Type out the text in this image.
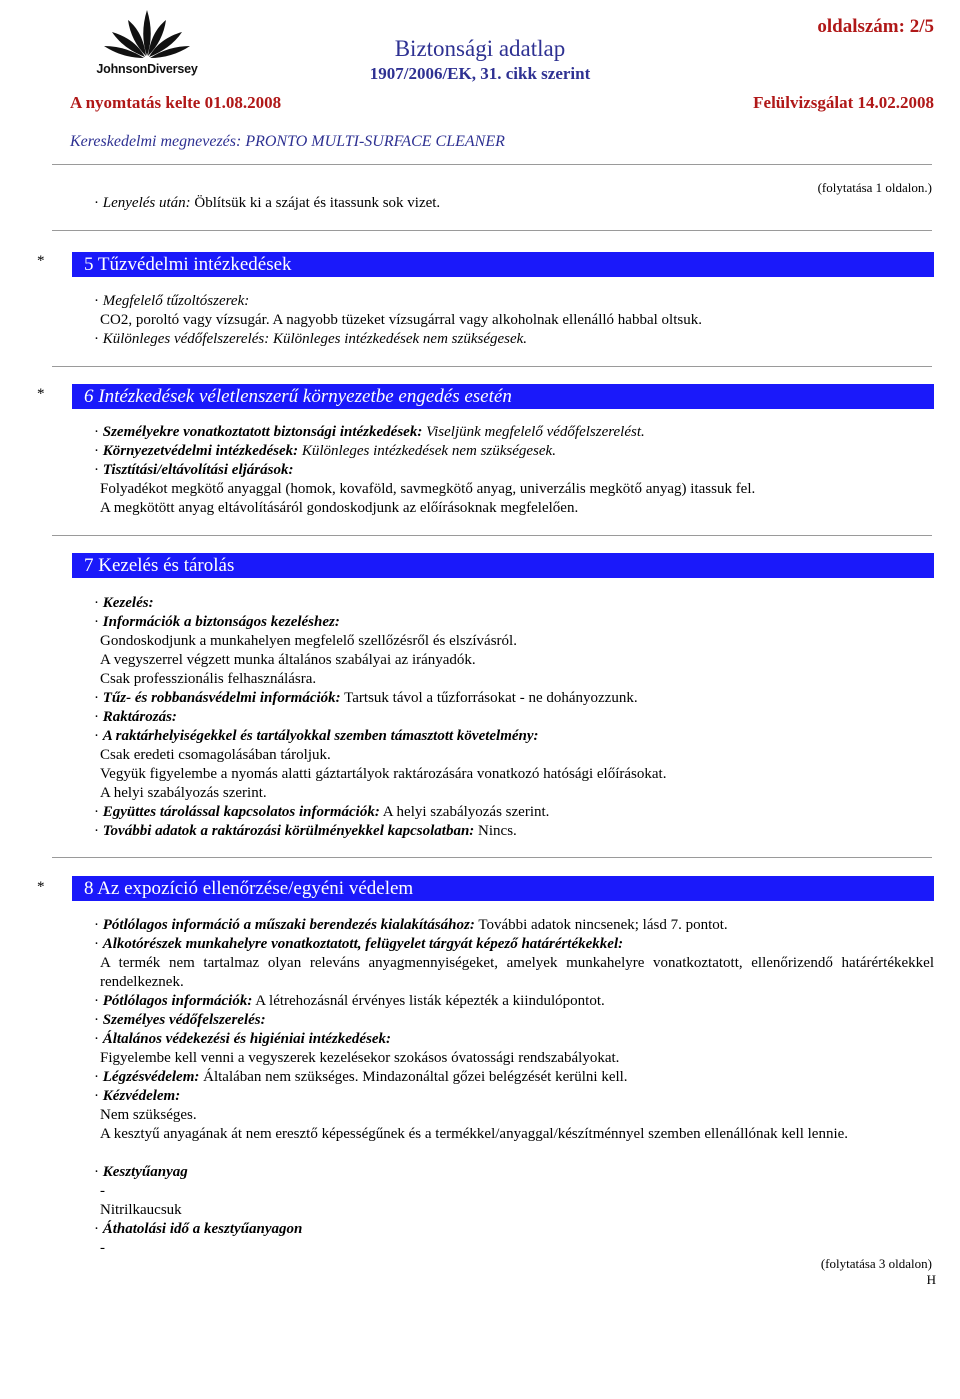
JohnsonDiversey
Biztonsági adatlap
1907/2006/EK, 31. cikk szerint
oldalszám: 2/5
A nyomtatás kelte 01.08.2008	Felülvizsgálat 14.02.2008
Kereskedelmi megnevezés: PRONTO MULTI-SURFACE CLEANER
(folytatása 1 oldalon.)
· Lenyelés után: Öblítsük ki a szájat és itassunk sok vizet.
*	5 Tűzvédelmi intézkedések
· Megfelelő tűzoltószerek:
CO2, poroltó vagy vízsugár. A nagyobb tüzeket vízsugárral vagy alkoholnak ellenálló habbal oltsuk.
· Különleges védőfelszerelés: Különleges intézkedések nem szükségesek.
*	6 Intézkedések véletlenszerű környezetbe engedés esetén
· Személyekre vonatkoztatott biztonsági intézkedések: Viseljünk megfelelő védőfelszerelést.
· Környezetvédelmi intézkedések: Különleges intézkedések nem szükségesek.
· Tisztítási/eltávolítási eljárások:
Folyadékot megkötő anyaggal (homok, kovaföld, savmegkötő anyag, univerzális megkötő anyag) itassuk fel.
A megkötött anyag eltávolításáról gondoskodjunk az előírásoknak megfelelően.
7 Kezelés és tárolás
· Kezelés:
· Információk a biztonságos kezeléshez:
Gondoskodjunk a munkahelyen megfelelő szellőzésről és elszívásról.
A vegyszerrel végzett munka általános szabályai az irányadók.
Csak professzionális felhasználásra.
· Tűz- és robbanásvédelmi információk: Tartsuk távol a tűzforrásokat - ne dohányozzunk.
· Raktározás:
· A raktárhelyiségekkel és tartályokkal szemben támasztott követelmény:
Csak eredeti csomagolásában tároljuk.
Vegyük figyelembe a nyomás alatti gáztartályok raktározására vonatkozó hatósági előírásokat.
A helyi szabályozás szerint.
· Együttes tárolással kapcsolatos információk: A helyi szabályozás szerint.
· További adatok a raktározási körülményekkel kapcsolatban: Nincs.
*	8 Az expozíció ellenőrzése/egyéni védelem
· Pótlólagos információ a műszaki berendezés kialakításához: További adatok nincsenek; lásd 7. pontot.
· Alkotórészek munkahelyre vonatkoztatott, felügyelet tárgyát képező határértékekkel:
A termék nem tartalmaz olyan releváns anyagmennyiségeket, amelyek munkahelyre vonatkoztatott, ellenőrizendő határértékekkel rendelkeznek.
· Pótlólagos információk: A létrehozásnál érvényes listák képezték a kiindulópontot.
· Személyes védőfelszerelés:
· Általános védekezési és higiéniai intézkedések:
Figyelembe kell venni a vegyszerek kezelésekor szokásos óvatossági rendszabályokat.
· Légzésvédelem: Általában nem szükséges. Mindazonáltal gőzei belégzését kerülni kell.
· Kézvédelem:
Nem szükséges.
A kesztyű anyagának át nem eresztő képességűnek és a termékkel/anyaggal/készítménnyel szemben ellenállónak kell lennie.
· Kesztyűanyag
-
Nitrilkaucsuk
· Áthatolási idő a kesztyűanyagon
-
(folytatása 3 oldalon)
H
